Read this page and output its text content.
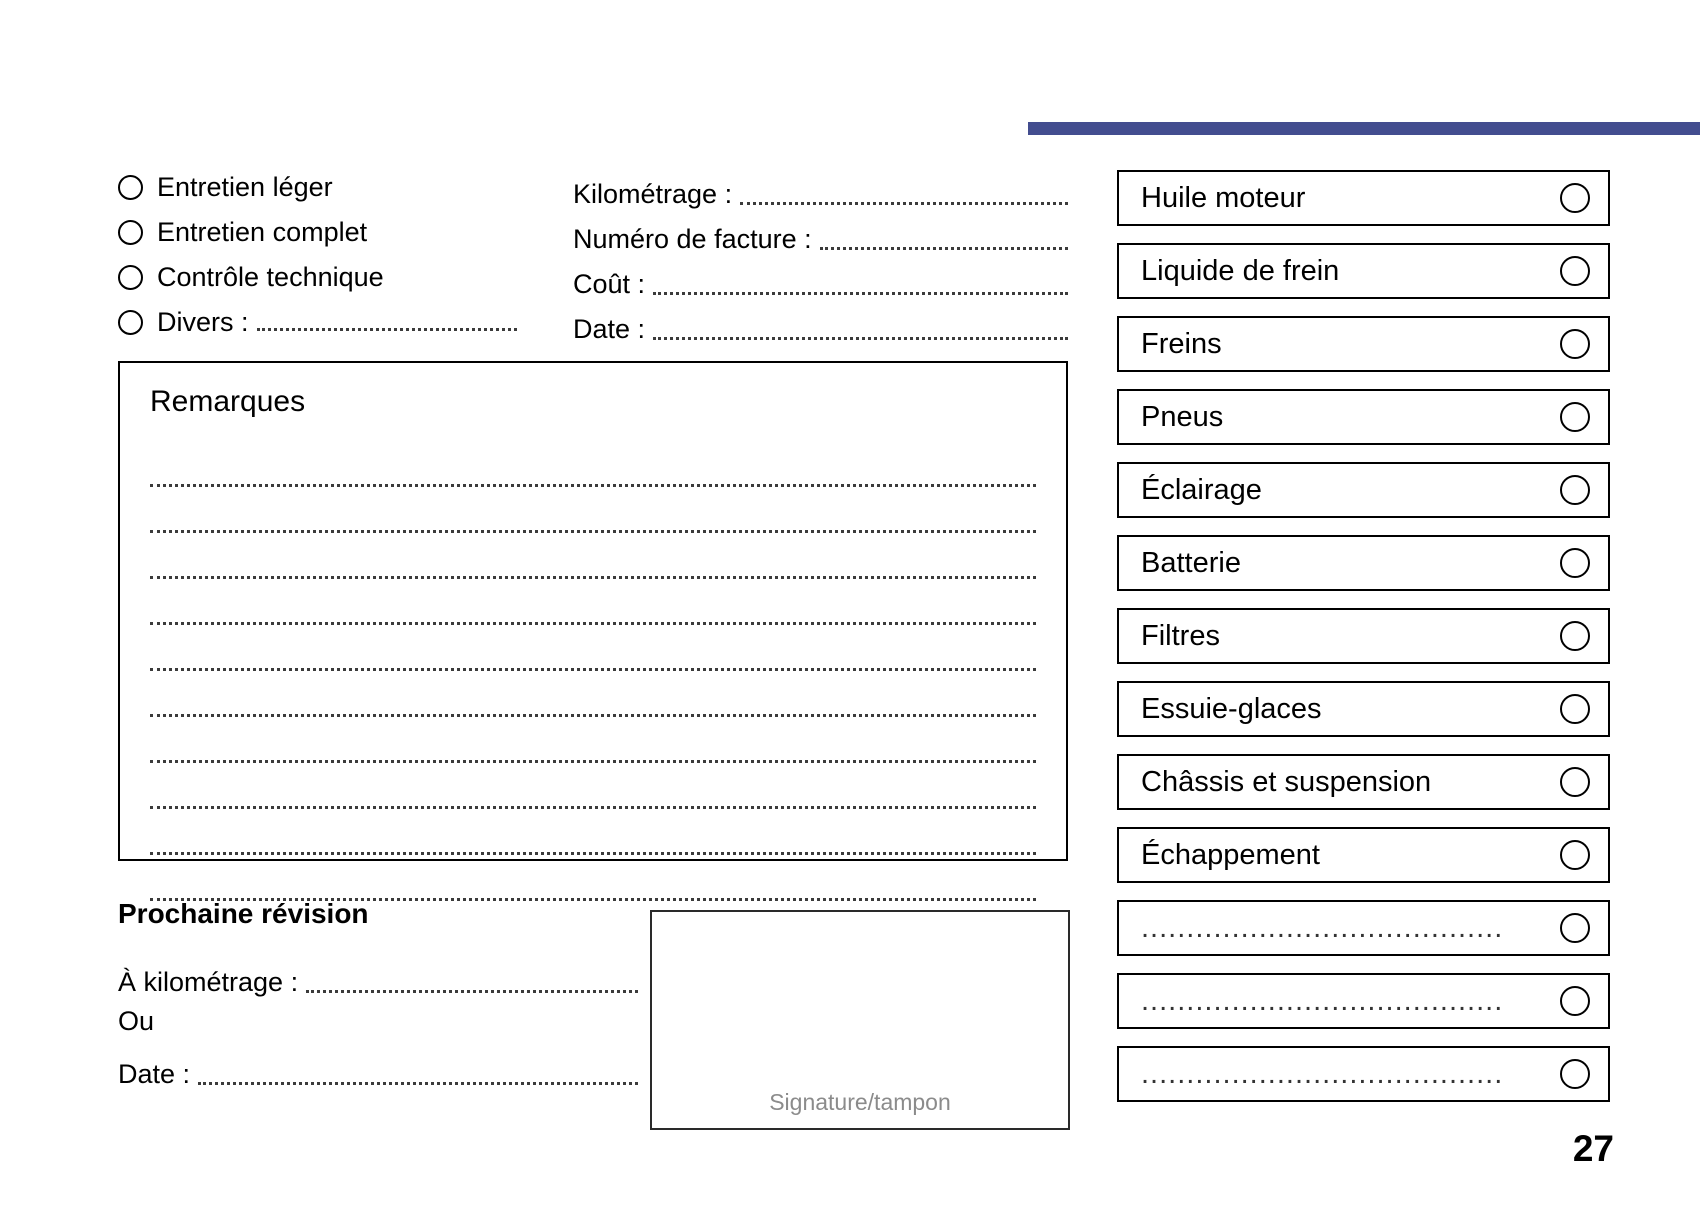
Entretien léger
Entretien complet
Contrôle technique
Divers :
Kilométrage :
Numéro de facture :
Coût :
Date :
Remarques
Prochaine révision
À kilométrage :
Ou
Date :
Signature/tampon
Huile moteur
Liquide de frein
Freins
Pneus
Éclairage
Batterie
Filtres
Essuie-glaces
Châssis et suspension
Échappement
........................................
........................................
........................................
27
